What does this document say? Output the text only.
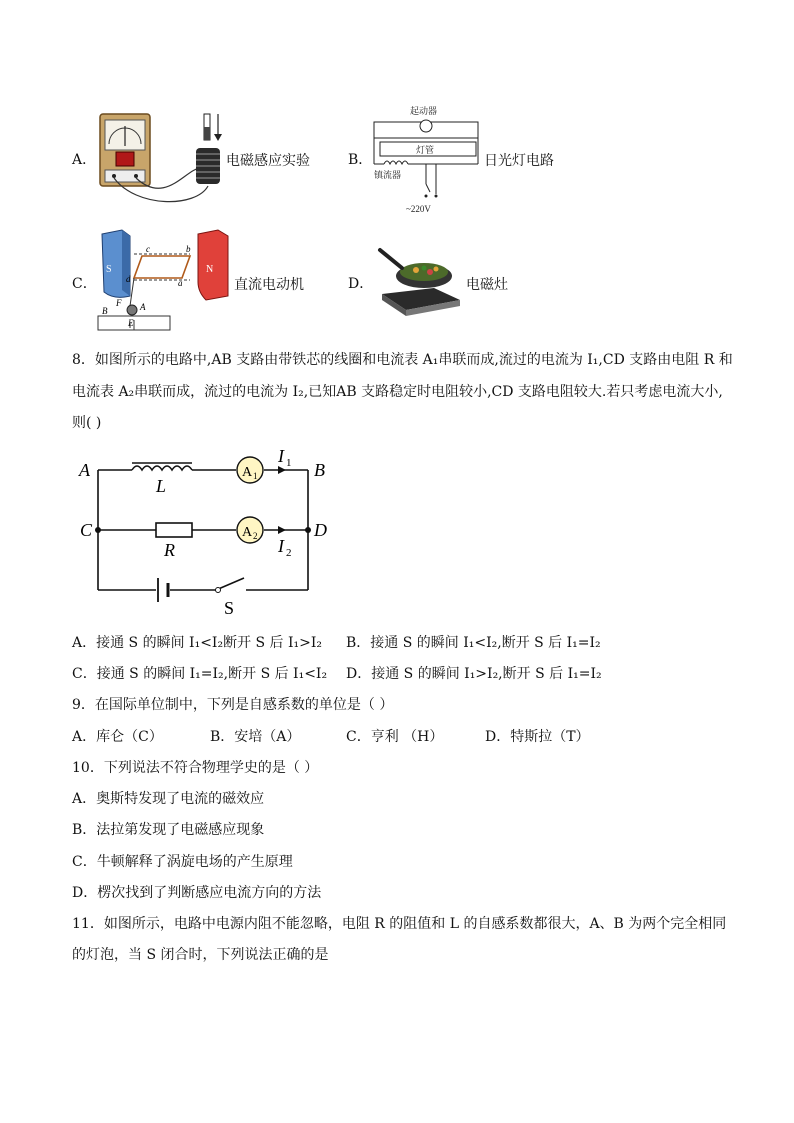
A．	电磁感应实验	B．
起动器
灯管
镇流器
~220V
日光灯电路
C．
S	N
c	b
d	a
B
F A
E
直流电动机	D．	电磁灶
8．如图所示的电路中,AB 支路由带铁芯的线圈和电流表 A₁串联而成,流过的电流为 I₁,CD 支路由电阻 R 和
电流表 A₂串联而成，流过的电流为 I₂,已知AB 支路稳定时电阻较小,CD 支路电阻较大.若只考虑电流大小,
则( )
A	B
C	D
L
R
S
A 1
A 2
I 1
I 2
A．接通 S 的瞬间 I₁<I₂断开 S 后 I₁>I₂ B．接通 S 的瞬间 I₁<I₂,断开 S 后 I₁=I₂
C．接通 S 的瞬间 I₁=I₂,断开 S 后 I₁<I₂ D．接通 S 的瞬间 I₁>I₂,断开 S 后 I₁=I₂
9．在国际单位制中，下列是自感系数的单位是（ ）
A．库仑（C）	B．安培（A）	C．亨利 （H）	D．特斯拉（T）
10．下列说法不符合物理学史的是（ ）
A．奥斯特发现了电流的磁效应
B．法拉第发现了电磁感应现象
C．牛顿解释了涡旋电场的产生原理
D．楞次找到了判断感应电流方向的方法
11．如图所示，电路中电源内阻不能忽略，电阻 R 的阻值和 L 的自感系数都很大，A、B 为两个完全相同
的灯泡，当 S 闭合时，下列说法正确的是
